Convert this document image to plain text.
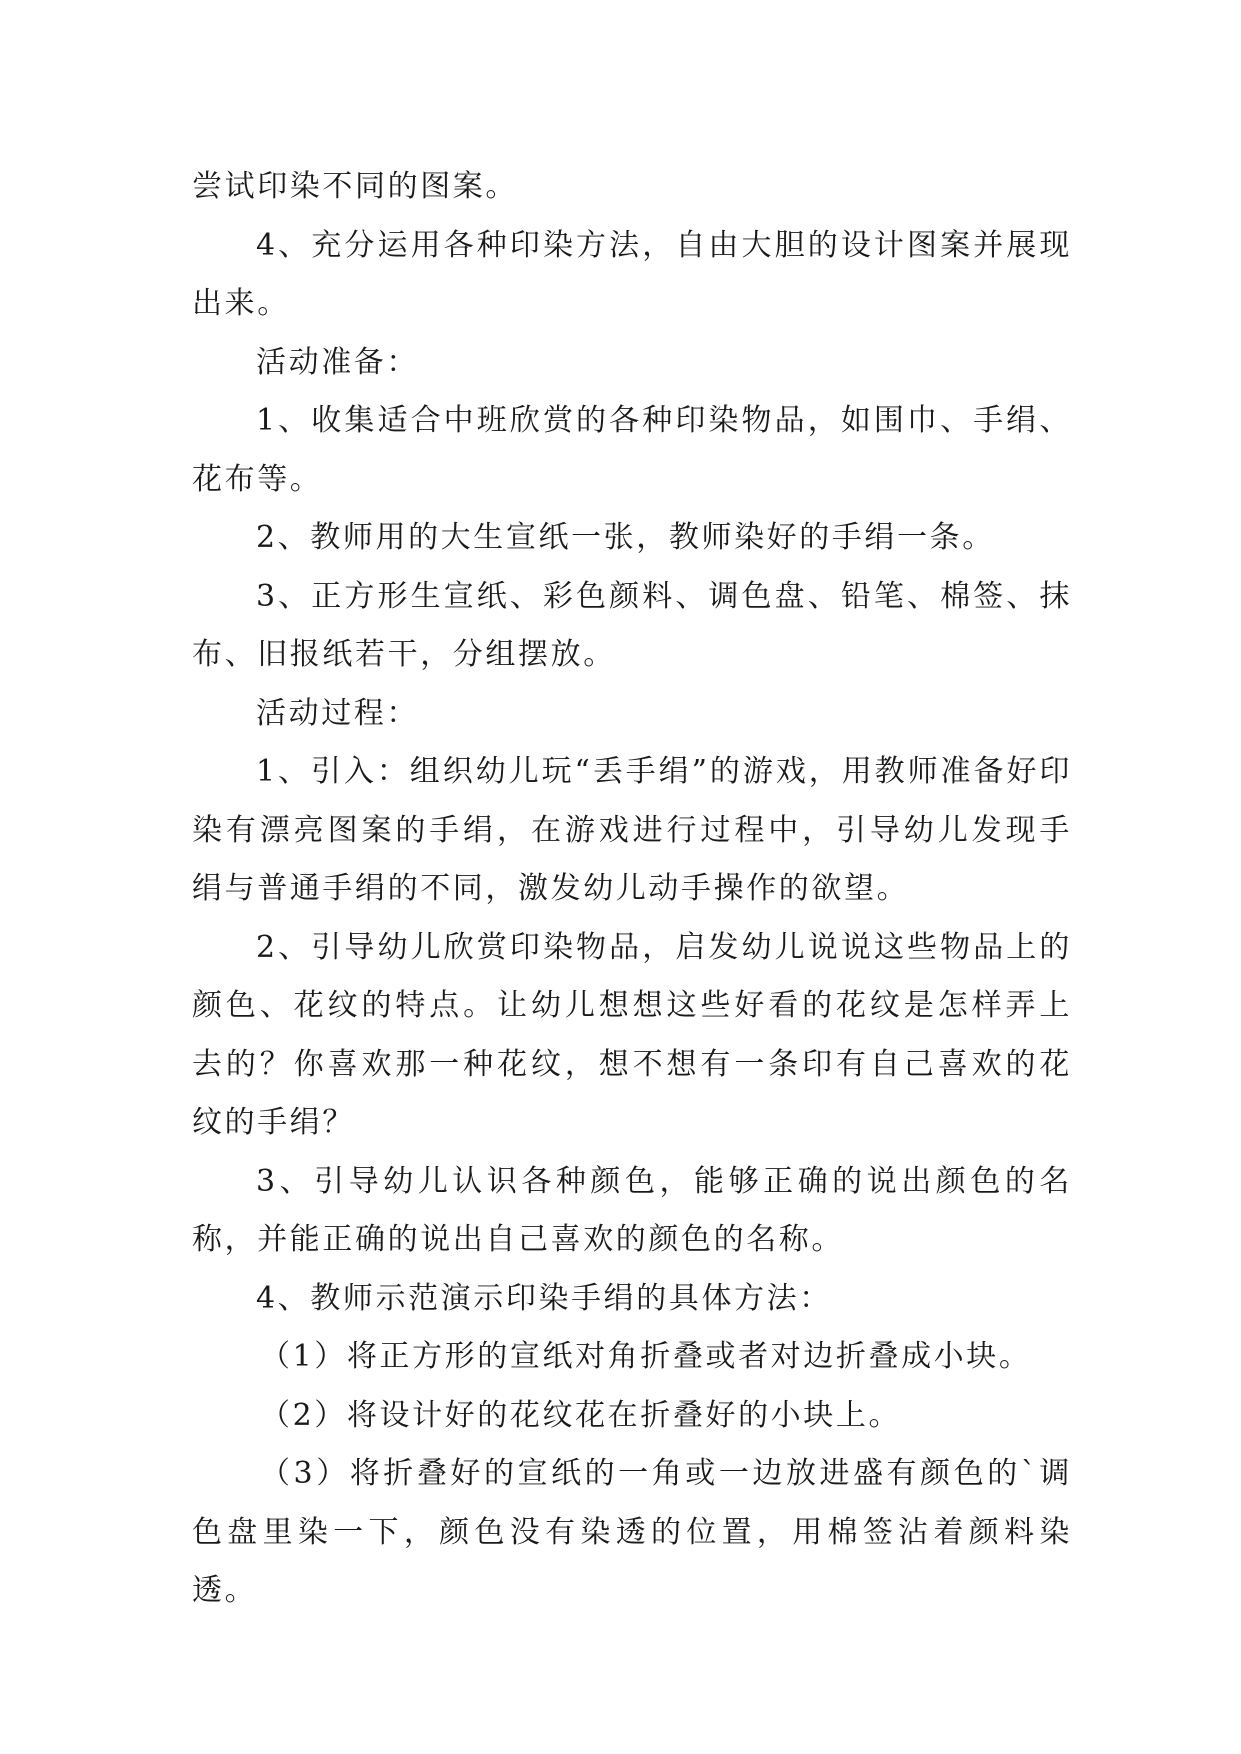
尝试印染不同的图案。

4、充分运用各种印染方法，自由大胆的设计图案并展现出来。

活动准备：

1、收集适合中班欣赏的各种印染物品，如围巾、手绢、花布等。

2、教师用的大生宣纸一张，教师染好的手绢一条。

3、正方形生宣纸、彩色颜料、调色盘、铅笔、棉签、抹布、旧报纸若干，分组摆放。

活动过程：

1、引入：组织幼儿玩“丢手绢”的游戏，用教师准备好印染有漂亮图案的手绢，在游戏进行过程中，引导幼儿发现手绢与普通手绢的不同，激发幼儿动手操作的欲望。

2、引导幼儿欣赏印染物品，启发幼儿说说这些物品上的颜色、花纹的特点。让幼儿想想这些好看的花纹是怎样弄上去的？你喜欢那一种花纹，想不想有一条印有自己喜欢的花纹的手绢？

3、引导幼儿认识各种颜色，能够正确的说出颜色的名称，并能正确的说出自己喜欢的颜色的名称。

4、教师示范演示印染手绢的具体方法：

（1）将正方形的宣纸对角折叠或者对边折叠成小块。

（2）将设计好的花纹花在折叠好的小块上。

（3）将折叠好的宣纸的一角或一边放进盛有颜色的`调色盘里染一下，颜色没有染透的位置，用棉签沾着颜料染透。
